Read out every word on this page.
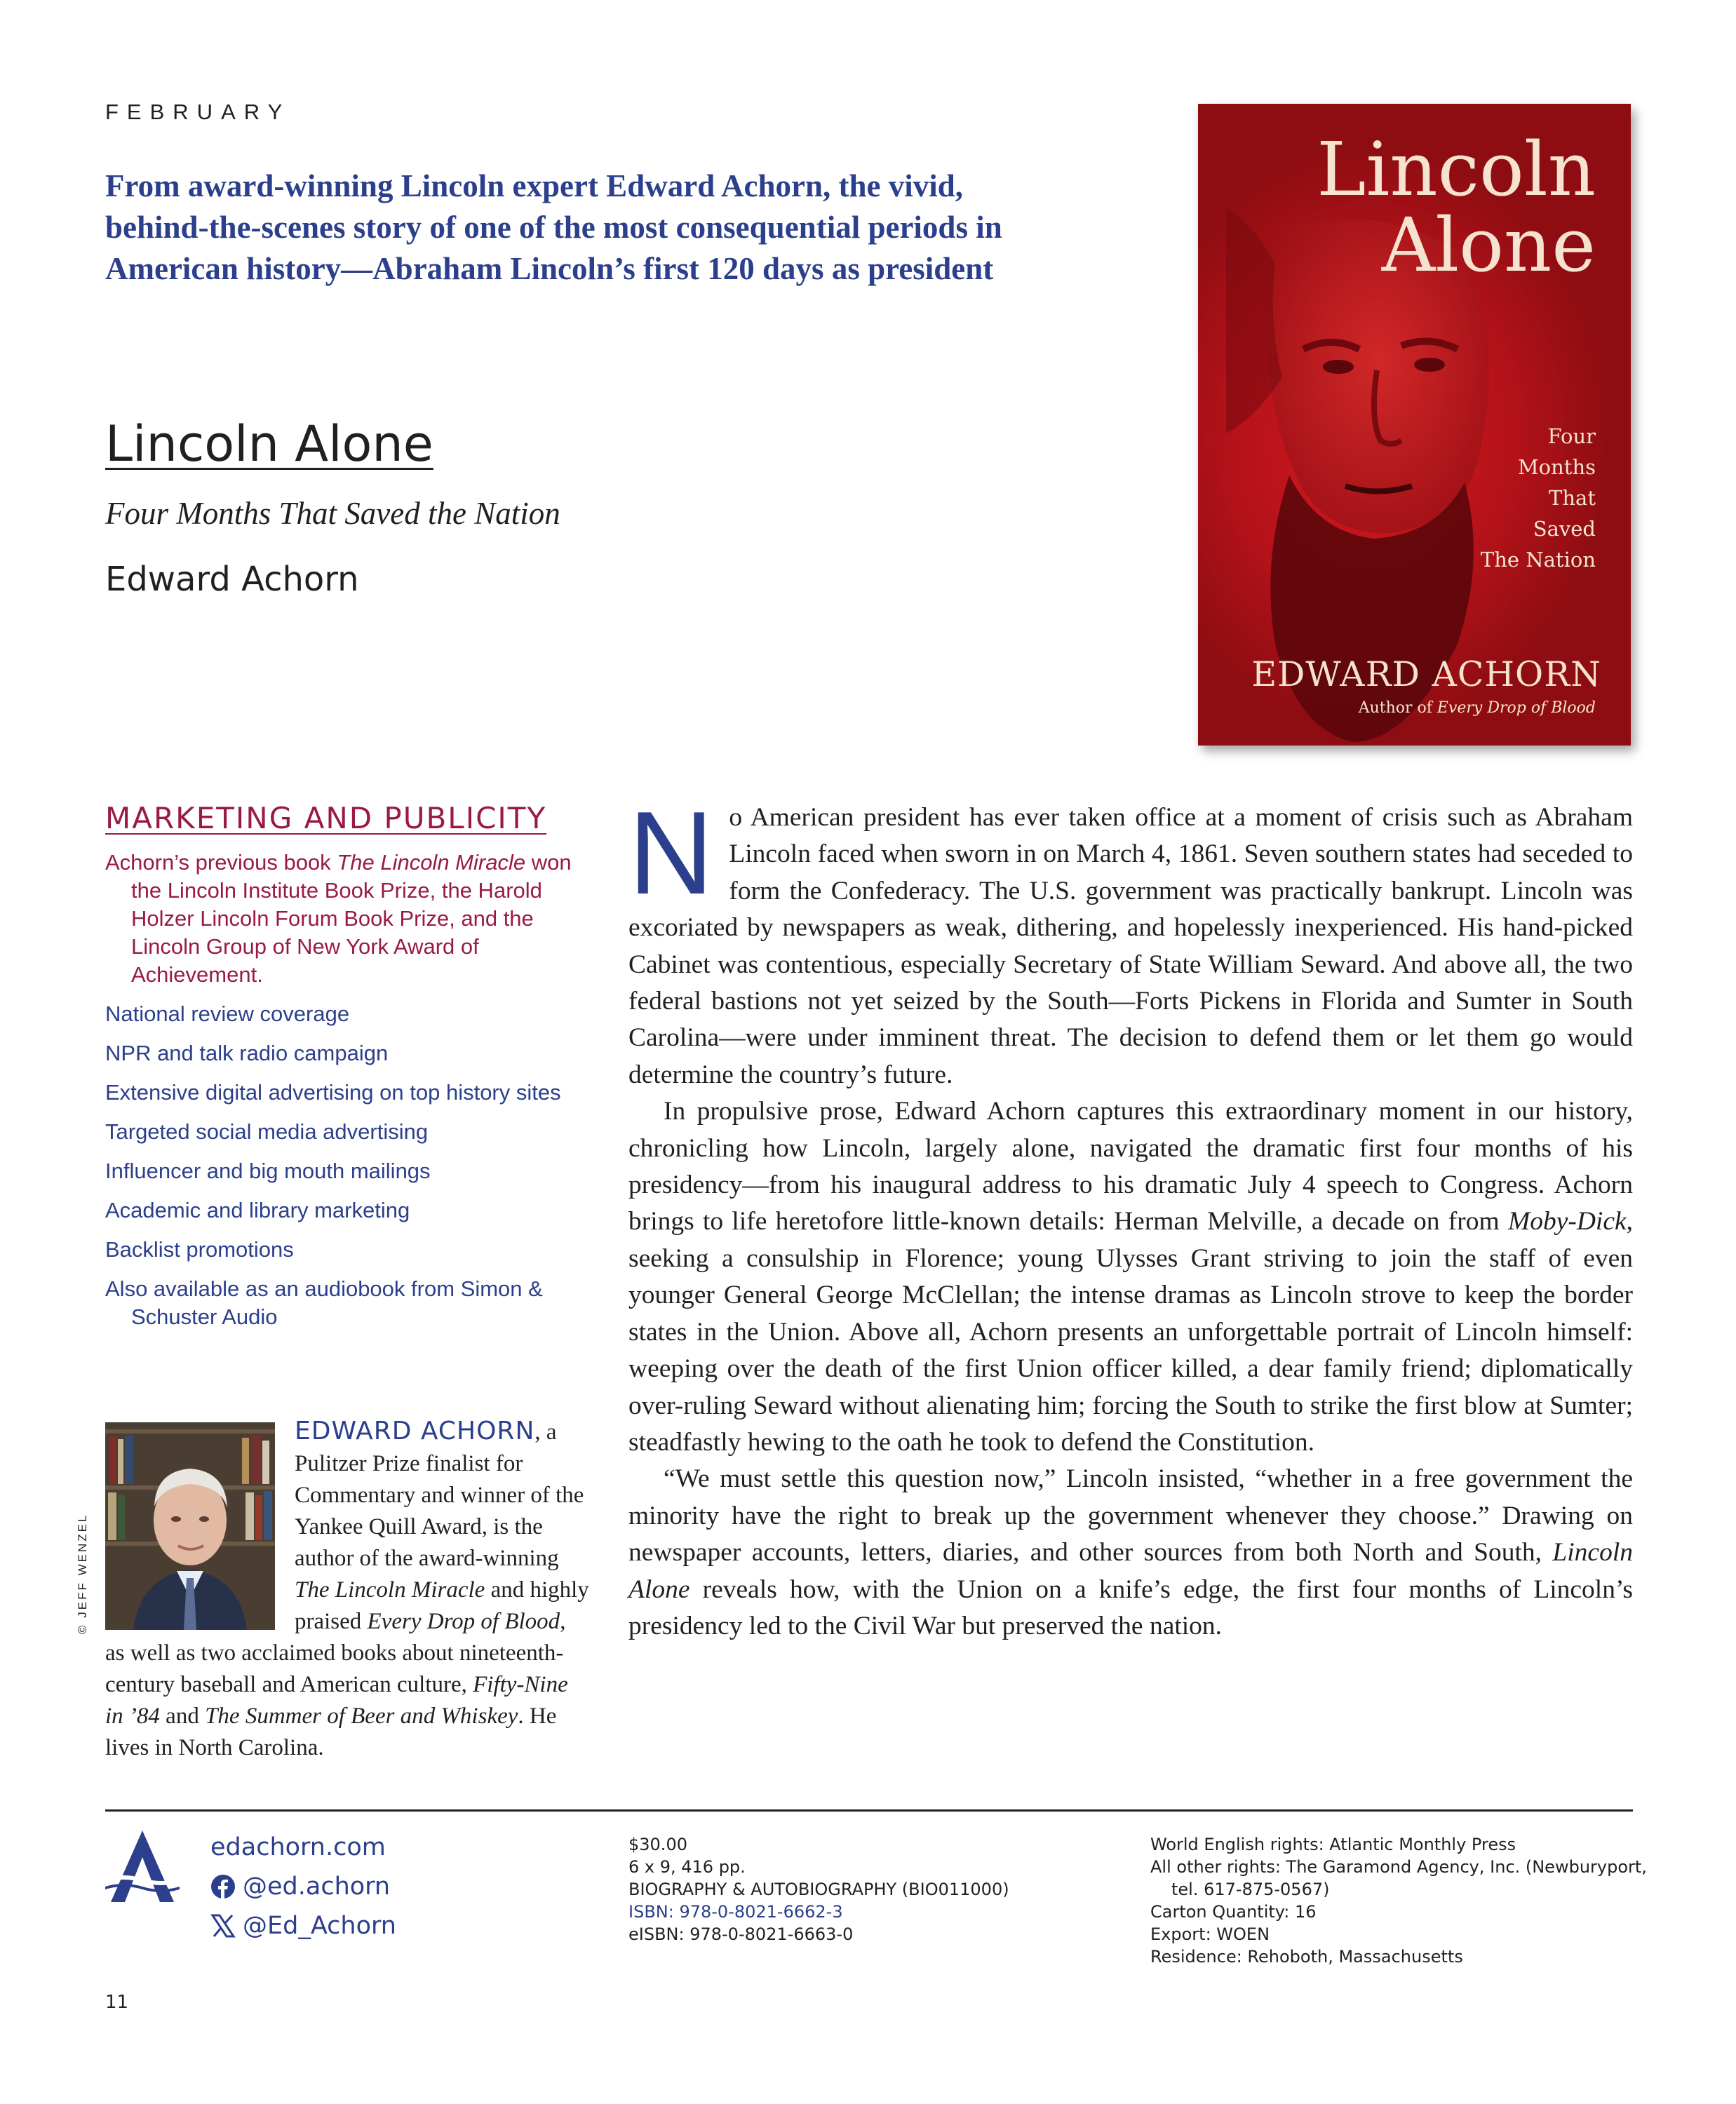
FEBRUARY
From award-winning Lincoln expert Edward Achorn, the vivid, behind-the-scenes story of one of the most consequential periods in American history—Abraham Lincoln’s first 120 days as president
Lincoln
Alone
Four
Months
That
Saved
The Nation
EDWARD ACHORN
Author of Every Drop of Blood
Lincoln Alone
Four Months That Saved the Nation
Edward Achorn
MARKETING AND PUBLICITY
Achorn’s previous book The Lincoln Miracle won the Lincoln Institute Book Prize, the Harold Holzer Lincoln Forum Book Prize, and the Lincoln Group of New York Award of Achievement.
National review coverage
NPR and talk radio campaign
Extensive digital advertising on top history sites
Targeted social media advertising
Influencer and big mouth mailings
Academic and library marketing
Backlist promotions
Also available as an audiobook from Simon & Schuster Audio

No American president has ever taken office at a moment of crisis such as Abraham Lincoln faced when sworn in on March 4, 1861. Seven southern states had seceded to form the Confederacy. The U.S. government was practically bankrupt. Lincoln was excoriated by newspapers as weak, dithering, and hopelessly inexperienced. His hand-picked Cabinet was contentious, especially Secretary of State William Seward. And above all, the two federal bastions not yet seized by the South—Forts Pickens in Florida and Sumter in South Carolina—were under imminent threat. The decision to defend them or let them go would determine the country’s future.

In propulsive prose, Edward Achorn captures this extraordinary moment in our history, chronicling how Lincoln, largely alone, navigated the dramatic first four months of his presidency—from his inaugural address to his dramatic July 4 speech to Congress. Achorn brings to life heretofore little-known details: Herman Melville, a decade on from Moby-Dick, seeking a consulship in Florence; young Ulysses Grant striving to join the staff of even younger General George McClellan; the intense dramas as Lincoln strove to keep the border states in the Union. Above all, Achorn presents an unforgettable portrait of Lincoln himself: weeping over the death of the first Union officer killed, a dear family friend; diplomatically over-ruling Seward without alienating him; forcing the South to strike the first blow at Sumter; steadfastly hewing to the oath he took to defend the Constitution.

“We must settle this question now,” Lincoln insisted, “whether in a free government the minority have the right to break up the government whenever they choose.” Drawing on newspaper accounts, letters, diaries, and other sources from both North and South, Lincoln Alone reveals how, with the Union on a knife’s edge, the first four months of Lincoln’s presidency led to the Civil War but preserved the nation.

© JEFF WENZEL
EDWARD ACHORN, a Pulitzer Prize finalist for Commentary and winner of the Yankee Quill Award, is the author of the award-winning The Lincoln Miracle and highly praised Every Drop of Blood, as well as two acclaimed books about nineteenth-century baseball and American culture, Fifty-Nine in ’84 and The Summer of Beer and Whiskey. He lives in North Carolina.
edachorn.com
@ed.achorn
@Ed_Achorn
$30.00
6 x 9, 416 pp.
BIOGRAPHY & AUTOBIOGRAPHY (BIO011000)
ISBN: 978-0-8021-6662-3
eISBN: 978-0-8021-6663-0
World English rights: Atlantic Monthly Press
All other rights: The Garamond Agency, Inc. (Newburyport,
tel. 617-875-0567)
Carton Quantity: 16
Export: WOEN
Residence: Rehoboth, Massachusetts
11
